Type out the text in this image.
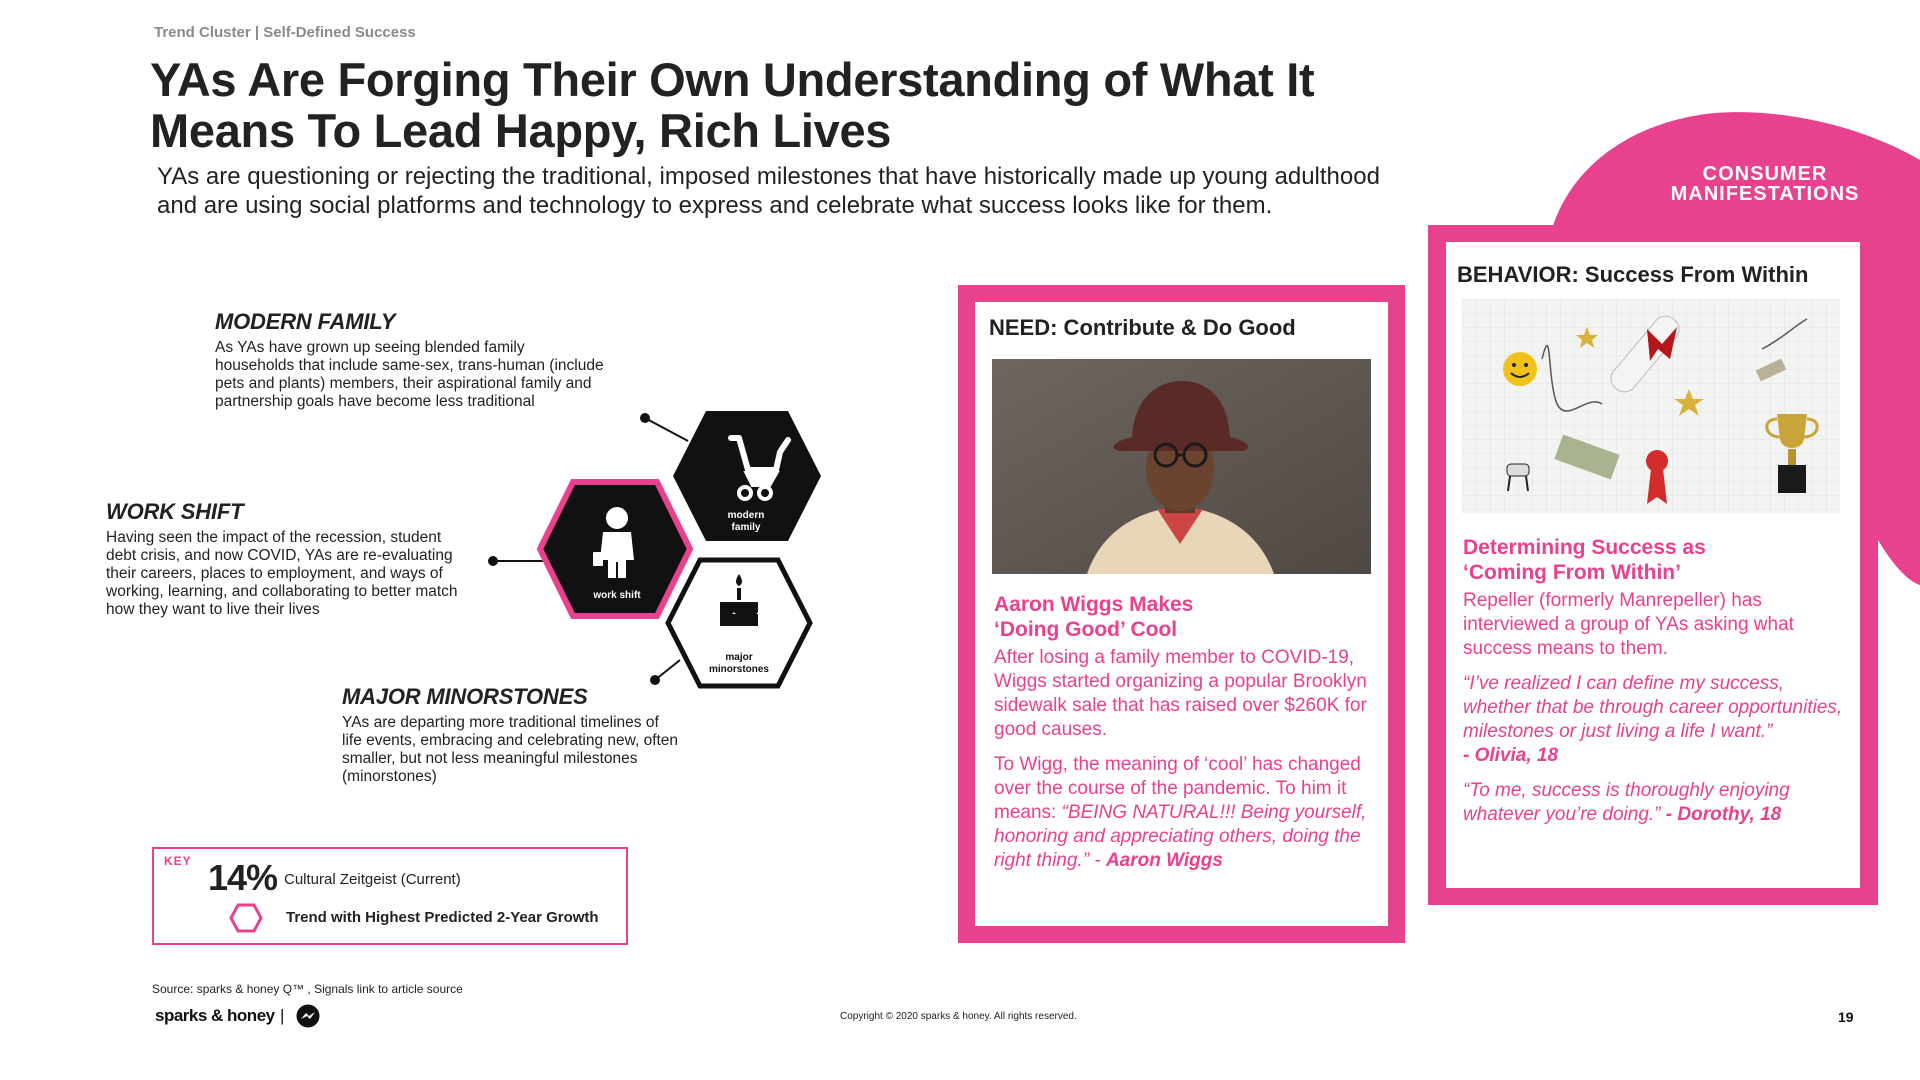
Trend Cluster | Self-Defined Success
YAs Are Forging Their Own Understanding of What It
Means To Lead Happy, Rich Lives
YAs are questioning or rejecting the traditional, imposed milestones that have historically made up young adulthood
and are using social platforms and technology to express and celebrate what success looks like for them.
MODERN FAMILY
As YAs have grown up seeing blended family households that include same-sex, trans-human (include pets and plants) members, their aspirational family and partnership goals have become less traditional
WORK SHIFT
Having seen the impact of the recession, student debt crisis, and now COVID, YAs are re-evaluating their careers, places to employment, and ways of working, learning, and collaborating to better match how they want to live their lives
MAJOR MINORSTONES
YAs are departing more traditional timelines of life events, embracing and celebrating new, often smaller, but not less meaningful milestones (minorstones)
modern
family
work shift
major
minorstones
KEY 14% Cultural Zeitgeist (Current)
Trend with Highest Predicted 2-Year Growth
CONSUMER
MANIFESTATIONS
NEED: Contribute & Do Good
Aaron Wiggs Makes
‘Doing Good’ Cool

After losing a family member to COVID-19, Wiggs started organizing a popular Brooklyn sidewalk sale that has raised over $260K for good causes.

To Wigg, the meaning of ‘cool’ has changed over the course of the pandemic. To him it means: “BEING NATURAL!!! Being yourself, honoring and appreciating others, doing the right thing.” - Aaron Wiggs

BEHAVIOR: Success From Within
Determining Success as
‘Coming From Within’

Repeller (formerly Manrepeller) has interviewed a group of YAs asking what success means to them.

“I’ve realized I can define my success, whether that be through career opportunities, milestones or just living a life I want.”
- Olivia, 18

“To me, success is thoroughly enjoying whatever you’re doing.” - Dorothy, 18

Source: sparks & honey Q™ , Signals link to article source
sparks & honey |	Copyright © 2020 sparks & honey. All rights reserved.	19
